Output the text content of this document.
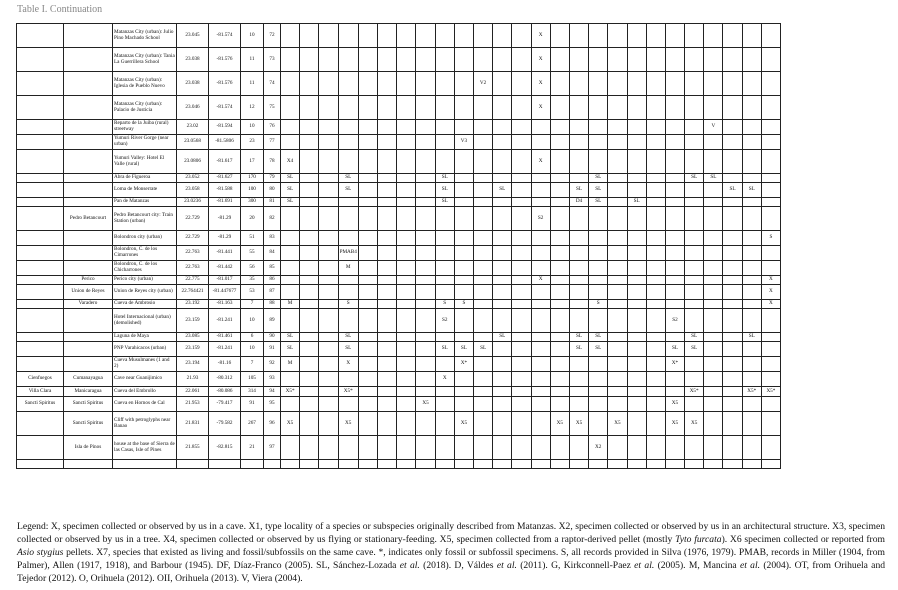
Table I. Continuation
		Matanzas City (urban): Julio Pino Machado School	23.045	-81.574	10	72														X												
		Matanzas City (urban): Tania La Guerrillera School	23.038	-81.576	11	73														X												
		Matanzas City (urban): Iglesia de Pueblo Nuevo	23.038	-81.576	11	74											V2			X												
		Matanzas City (urban): Palacio de Justicia	23.046	-81.574	12	75														X												
		Reparto de la Juiba (rural) streetway	23.02	-81.594	10	76																							V			
		Yumuri River Gorge (near urban)	23.0568	-81.5806	23	77										V3																
		Yumuri Valley: Hotel El Valle (rural)	23.0806	-81.617	17	78	X4													X												
		Abra de Figueroa	23.052	-81.627	170	79	SL			SL					SL								SL					SL	SL			
		Loma de Monserrate	23.058	-81.588	100	80	SL			SL					SL			SL				SL	SL							SL	SL	
		Pan de Matanzas	23.0236	-81.691	300	81	SL								SL							D4	SL		SL							
	Pedro Betancourt	Pedro Betancourt city: Train Station (urban)	22.729	-81.29	20	82														S2												
		Bolondron city (urban)	22.729	-81.29	51	83																										S
		Bolondron, C. de los Cimarrones	22.763	-81.441	55	84				PMAB4																						
		Bolondron, C. de los Chicharrones	22.763	-81.442	56	85				M																						
	Perico	Perico city (urban)	22.775	-81.017	35	86														X												X
	Union de Reyes	Union de Reyes city (urban)	22.764421	-81.447677	53	87																										X
	Varadero	Cueva de Ambrosio	23.192	-81.163	7	88	M			S					S	S							S									X
		Hotel Internacional (urban) (demolished)	23.159	-81.241	10	89									S2												S2					
		Laguna de Maya	23.085	-81.461	6	90	SL			SL								SL				SL	SL					SL			SL	
		PNP Varahicacos (urban)	23.159	-81.241	10	91	SL			SL					SL	SL	SL					SL	SL				SL	SL				
		Cueva Musulmanes (1 and 2)	23.194	-81.16	7	92	M			X						X*											X*					
Cienfuegos	Cumanayagua	Cave near Guanijimico	21.93	-80.312	105	93									X																	
Villa Clara	Manicaragua	Cueva del Embrollo	22.061	-80.086	314	94	X5*			X5*																		X5*			X5*	X5*
Sancti Spiritus	Sancti Spiritus	Cueva en Hornos de Cal	21.953	-79.417	91	95								X5													X5					
	Sancti Spiritus	Cliff with petroglyphs near Banao	21.831	-79.582	267	96	X5			X5						X5					X5	X5		X5			X5	X5				
	Isla de Pinos	house at the base of Sierra de las Casas, Isle of Pines	21.855	-82.815	21	97																	X2									

Legend: X, specimen collected or observed by us in a cave. X1, type locality of a species or subspecies originally described from Matanzas. X2, specimen collected or observed by us in an architectural structure. X3, specimen collected or observed by us in a tree. X4, specimen collected or observed by us flying or stationary-feeding. X5, specimen collected from a raptor-derived pellet (mostly Tyto furcata). X6 specimen collected or reported from Asio stygius pellets. X7, species that existed as living and fossil/subfossils on the same cave. *, indicates only fossil or subfossil specimens. S, all records provided in Silva (1976, 1979). PMAB, records in Miller (1904, from Palmer), Allen (1917, 1918), and Barbour (1945). DF, Díaz-Franco (2005). SL, Sánchez-Lozada et al. (2018). D, Váldes et al. (2011). G, Kirkconnell-Paez et al. (2005). M, Mancina et al. (2004). OT, from Orihuela and Tejedor (2012). O, Orihuela (2012). OII, Orihuela (2013). V, Viera (2004).
